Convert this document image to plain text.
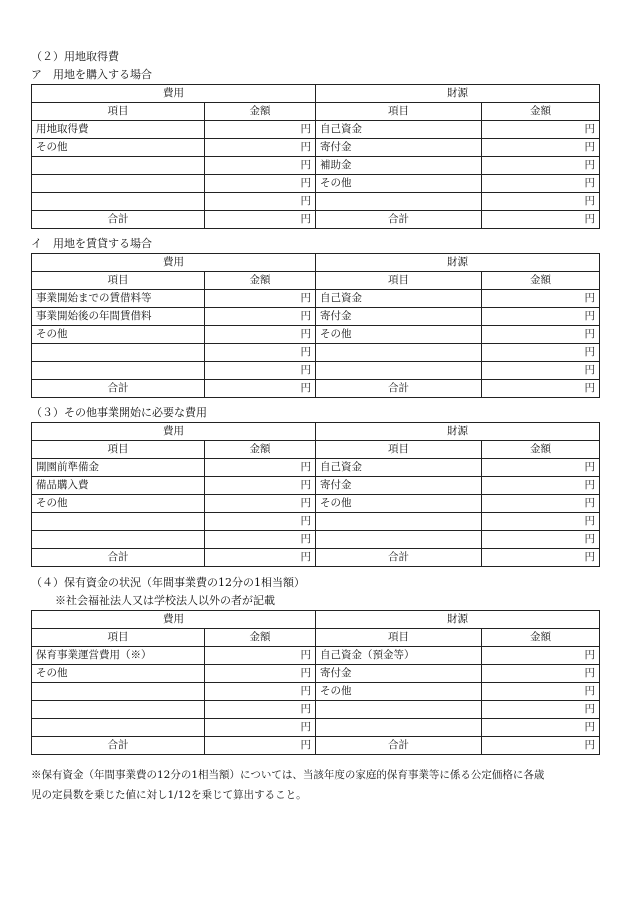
（２）用地取得費
ア　用地を購入する場合
費用		財源	
項目	金額	項目	金額
用地取得費	円	自己資金	円
その他	円	寄付金	円
	円	補助金	円
	円	その他	円
	円		円
合計	円	合計	円
イ　用地を賃貸する場合
費用		財源	
項目	金額	項目	金額
事業開始までの賃借料等	円	自己資金	円
事業開始後の年間賃借料	円	寄付金	円
その他	円	その他	円
	円		円
	円		円
合計	円	合計	円
（３）その他事業開始に必要な費用
費用		財源	
項目	金額	項目	金額
開園前準備金	円	自己資金	円
備品購入費	円	寄付金	円
その他	円	その他	円
	円		円
	円		円
合計	円	合計	円
（４）保有資金の状況（年間事業費の12分の1相当額）
※社会福祉法人又は学校法人以外の者が記載
費用		財源	
項目	金額	項目	金額
保育事業運営費用（※）	円	自己資金（預金等）	円
その他	円	寄付金	円
	円	その他	円
	円		円
	円		円
合計	円	合計	円
※保有資金（年間事業費の12分の1相当額）については、当該年度の家庭的保育事業等に係る公定価格に各歳
児の定員数を乗じた値に対し1/12を乗じて算出すること。
